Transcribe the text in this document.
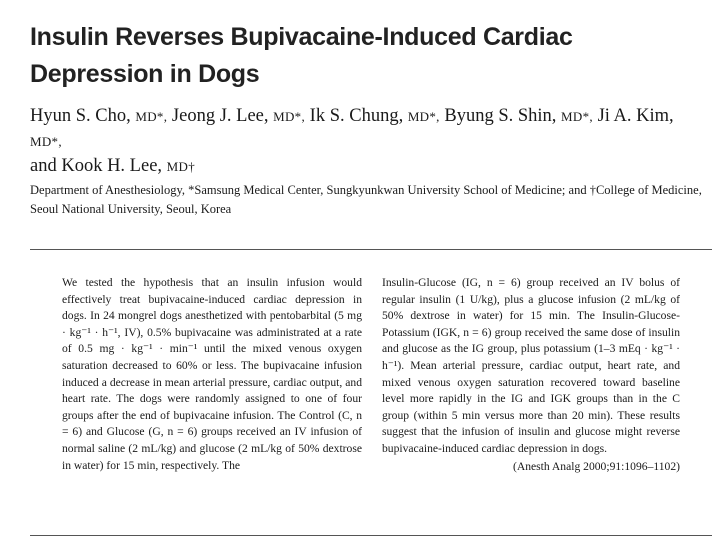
Insulin Reverses Bupivacaine-Induced Cardiac Depression in Dogs
Hyun S. Cho, MD*, Jeong J. Lee, MD*, Ik S. Chung, MD*, Byung S. Shin, MD*, Ji A. Kim, MD*,
and Kook H. Lee, MD†

Department of Anesthesiology, *Samsung Medical Center, Sungkyunkwan University School of Medicine; and †College of Medicine, Seoul National University, Seoul, Korea

We tested the hypothesis that an insulin infusion would effectively treat bupivacaine-induced cardiac depression in dogs. In 24 mongrel dogs anesthetized with pentobarbital (5 mg · kg⁻¹ · h⁻¹, IV), 0.5% bupivacaine was administrated at a rate of 0.5 mg · kg⁻¹ · min⁻¹ until the mixed venous oxygen saturation decreased to 60% or less. The bupivacaine infusion induced a decrease in mean arterial pressure, cardiac output, and heart rate. The dogs were randomly assigned to one of four groups after the end of bupivacaine infusion. The Control (C, n = 6) and Glucose (G, n = 6) groups received an IV infusion of normal saline (2 mL/kg) and glucose (2 mL/kg of 50% dextrose in water) for 15 min, respectively. The

Insulin-Glucose (IG, n = 6) group received an IV bolus of regular insulin (1 U/kg), plus a glucose infusion (2 mL/kg of 50% dextrose in water) for 15 min. The Insulin-Glucose-Potassium (IGK, n = 6) group received the same dose of insulin and glucose as the IG group, plus potassium (1–3 mEq · kg⁻¹ · h⁻¹). Mean arterial pressure, cardiac output, heart rate, and mixed venous oxygen saturation recovered toward baseline level more rapidly in the IG and IGK groups than in the C group (within 5 min versus more than 20 min). These results suggest that the infusion of insulin and glucose might reverse bupivacaine-induced cardiac depression in dogs.

(Anesth Analg 2000;91:1096–1102)
